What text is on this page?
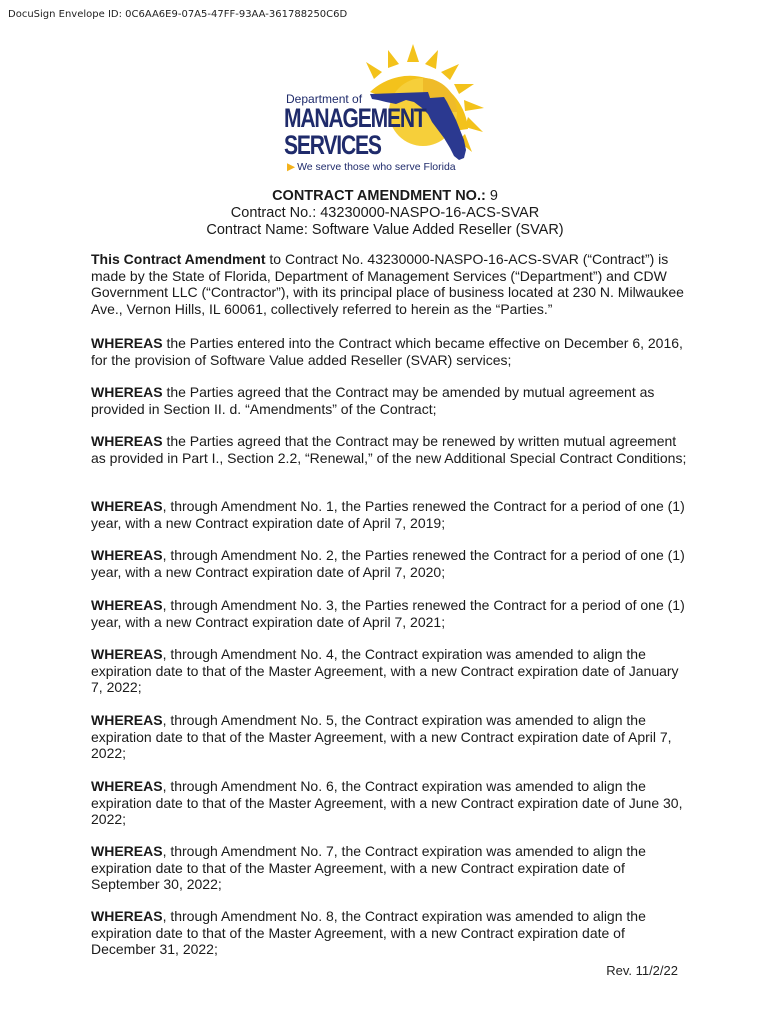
DocuSign Envelope ID: 0C6AA6E9-07A5-47FF-93AA-361788250C6D
Department of
MANAGEMENT
SERVICES
▶ We serve those who serve Florida
CONTRACT AMENDMENT NO.: 9
Contract No.: 43230000-NASPO-16-ACS-SVAR
Contract Name: Software Value Added Reseller (SVAR)

This Contract Amendment to Contract No. 43230000-NASPO-16-ACS-SVAR (“Contract”) is made by the State of Florida, Department of Management Services (“Department”) and CDW Government LLC (“Contractor”), with its principal place of business located at 230 N. Milwaukee Ave., Vernon Hills, IL 60061, collectively referred to herein as the “Parties.”

WHEREAS the Parties entered into the Contract which became effective on December 6, 2016, for the provision of Software Value added Reseller (SVAR) services;

WHEREAS the Parties agreed that the Contract may be amended by mutual agreement as provided in Section II. d. “Amendments” of the Contract;

WHEREAS the Parties agreed that the Contract may be renewed by written mutual agreement as provided in Part I., Section 2.2, “Renewal,” of the new Additional Special Contract Conditions;

WHEREAS, through Amendment No. 1, the Parties renewed the Contract for a period of one (1) year, with a new Contract expiration date of April 7, 2019;

WHEREAS, through Amendment No. 2, the Parties renewed the Contract for a period of one (1) year, with a new Contract expiration date of April 7, 2020;

WHEREAS, through Amendment No. 3, the Parties renewed the Contract for a period of one (1) year, with a new Contract expiration date of April 7, 2021;

WHEREAS, through Amendment No. 4, the Contract expiration was amended to align the expiration date to that of the Master Agreement, with a new Contract expiration date of January 7, 2022;

WHEREAS, through Amendment No. 5, the Contract expiration was amended to align the expiration date to that of the Master Agreement, with a new Contract expiration date of April 7, 2022;

WHEREAS, through Amendment No. 6, the Contract expiration was amended to align the expiration date to that of the Master Agreement, with a new Contract expiration date of June 30, 2022;

WHEREAS, through Amendment No. 7, the Contract expiration was amended to align the expiration date to that of the Master Agreement, with a new Contract expiration date of September 30, 2022;

WHEREAS, through Amendment No. 8, the Contract expiration was amended to align the expiration date to that of the Master Agreement, with a new Contract expiration date of December 31, 2022;

Rev. 11/2/22
